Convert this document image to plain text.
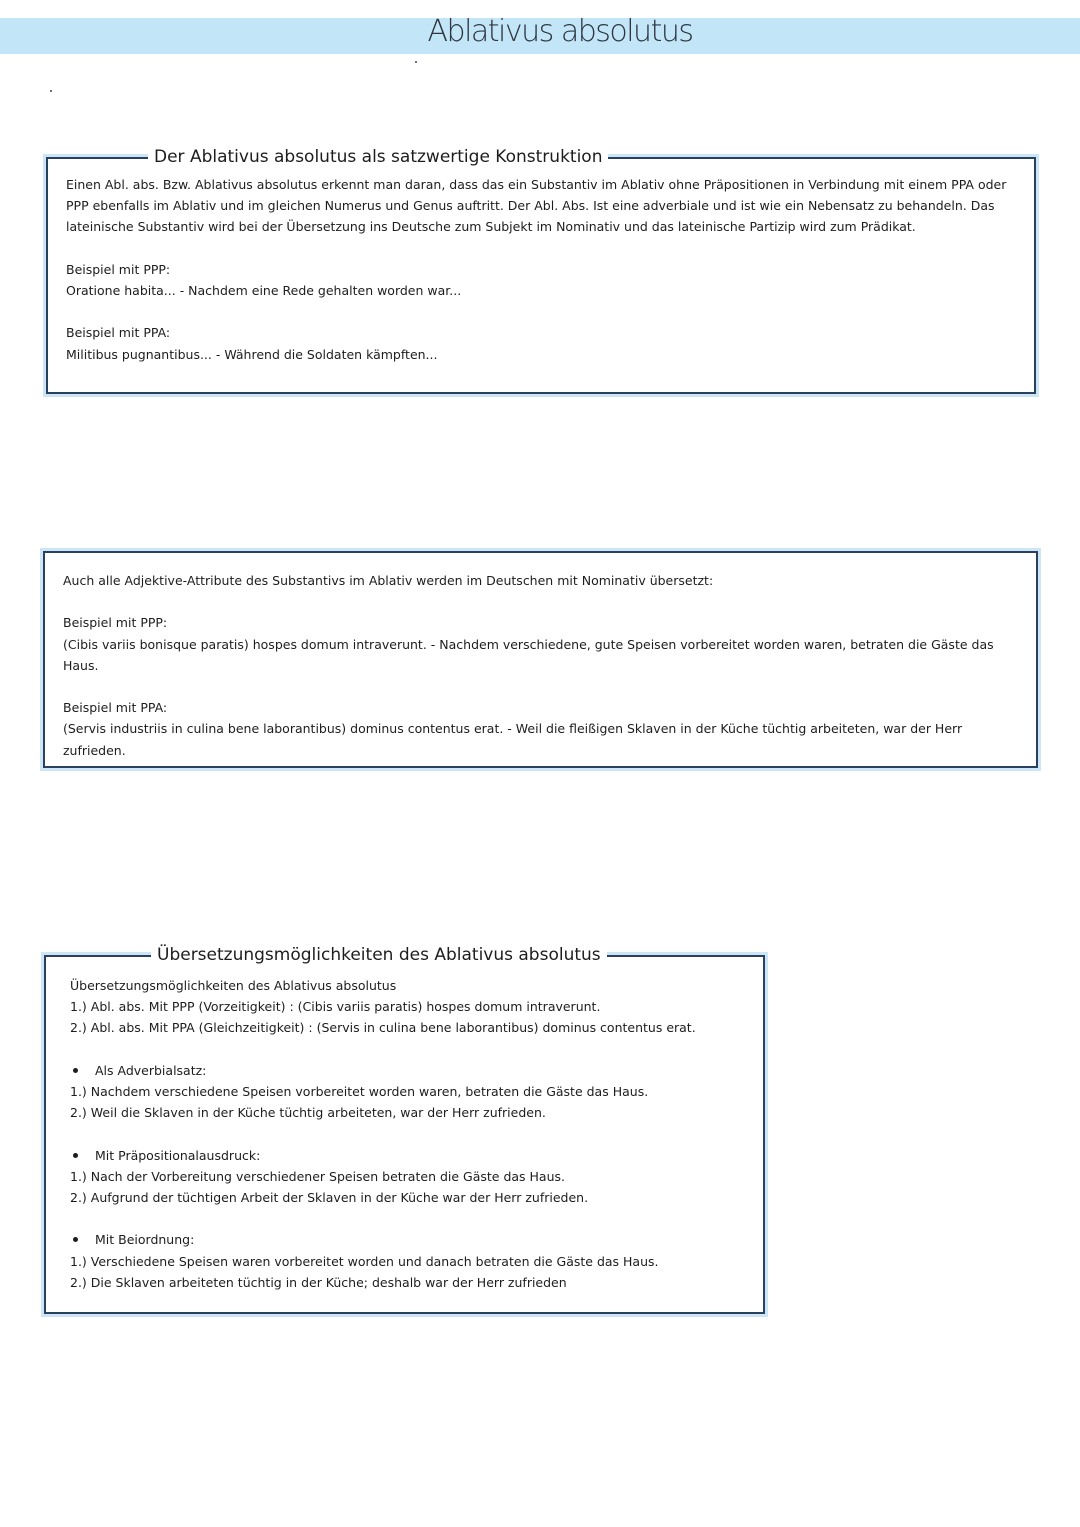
Ablativus absolutus
Der Ablativus absolutus als satzwertige Konstruktion

Einen Abl. abs. Bzw. Ablativus absolutus erkennt man daran, dass das ein Substantiv im Ablativ ohne Präpositionen in Verbindung mit einem PPA oder PPP ebenfalls im Ablativ und im gleichen Numerus und Genus auftritt. Der Abl. Abs. Ist eine adverbiale und ist wie ein Nebensatz zu behandeln. Das lateinische Substantiv wird bei der Übersetzung ins Deutsche zum Subjekt im Nominativ und das lateinische Partizip wird zum Prädikat.

Beispiel mit PPP:

Oratione habita... - Nachdem eine Rede gehalten worden war...

Beispiel mit PPA:

Militibus pugnantibus... - Während die Soldaten kämpften...

Auch alle Adjektive-Attribute des Substantivs im Ablativ werden im Deutschen mit Nominativ übersetzt:

Beispiel mit PPP:

(Cibis variis bonisque paratis) hospes domum intraverunt. - Nachdem verschiedene, gute Speisen vorbereitet worden waren, betraten die Gäste das Haus.

Beispiel mit PPA:

(Servis industriis in culina bene laborantibus) dominus contentus erat. - Weil die fleißigen Sklaven in der Küche tüchtig arbeiteten, war der Herr zufrieden.

Übersetzungsmöglichkeiten des Ablativus absolutus

Übersetzungsmöglichkeiten des Ablativus absolutus

1.) Abl. abs. Mit PPP (Vorzeitigkeit) : (Cibis variis paratis) hospes domum intraverunt.

2.) Abl. abs. Mit PPA (Gleichzeitigkeit) : (Servis in culina bene laborantibus) dominus contentus erat.

Als Adverbialsatz:

1.) Nachdem verschiedene Speisen vorbereitet worden waren, betraten die Gäste das Haus.

2.) Weil die Sklaven in der Küche tüchtig arbeiteten, war der Herr zufrieden.

Mit Präpositionalausdruck:

1.) Nach der Vorbereitung verschiedener Speisen betraten die Gäste das Haus.

2.) Aufgrund der tüchtigen Arbeit der Sklaven in der Küche war der Herr zufrieden.

Mit Beiordnung:

1.) Verschiedene Speisen waren vorbereitet worden und danach betraten die Gäste das Haus.

2.) Die Sklaven arbeiteten tüchtig in der Küche; deshalb war der Herr zufrieden
